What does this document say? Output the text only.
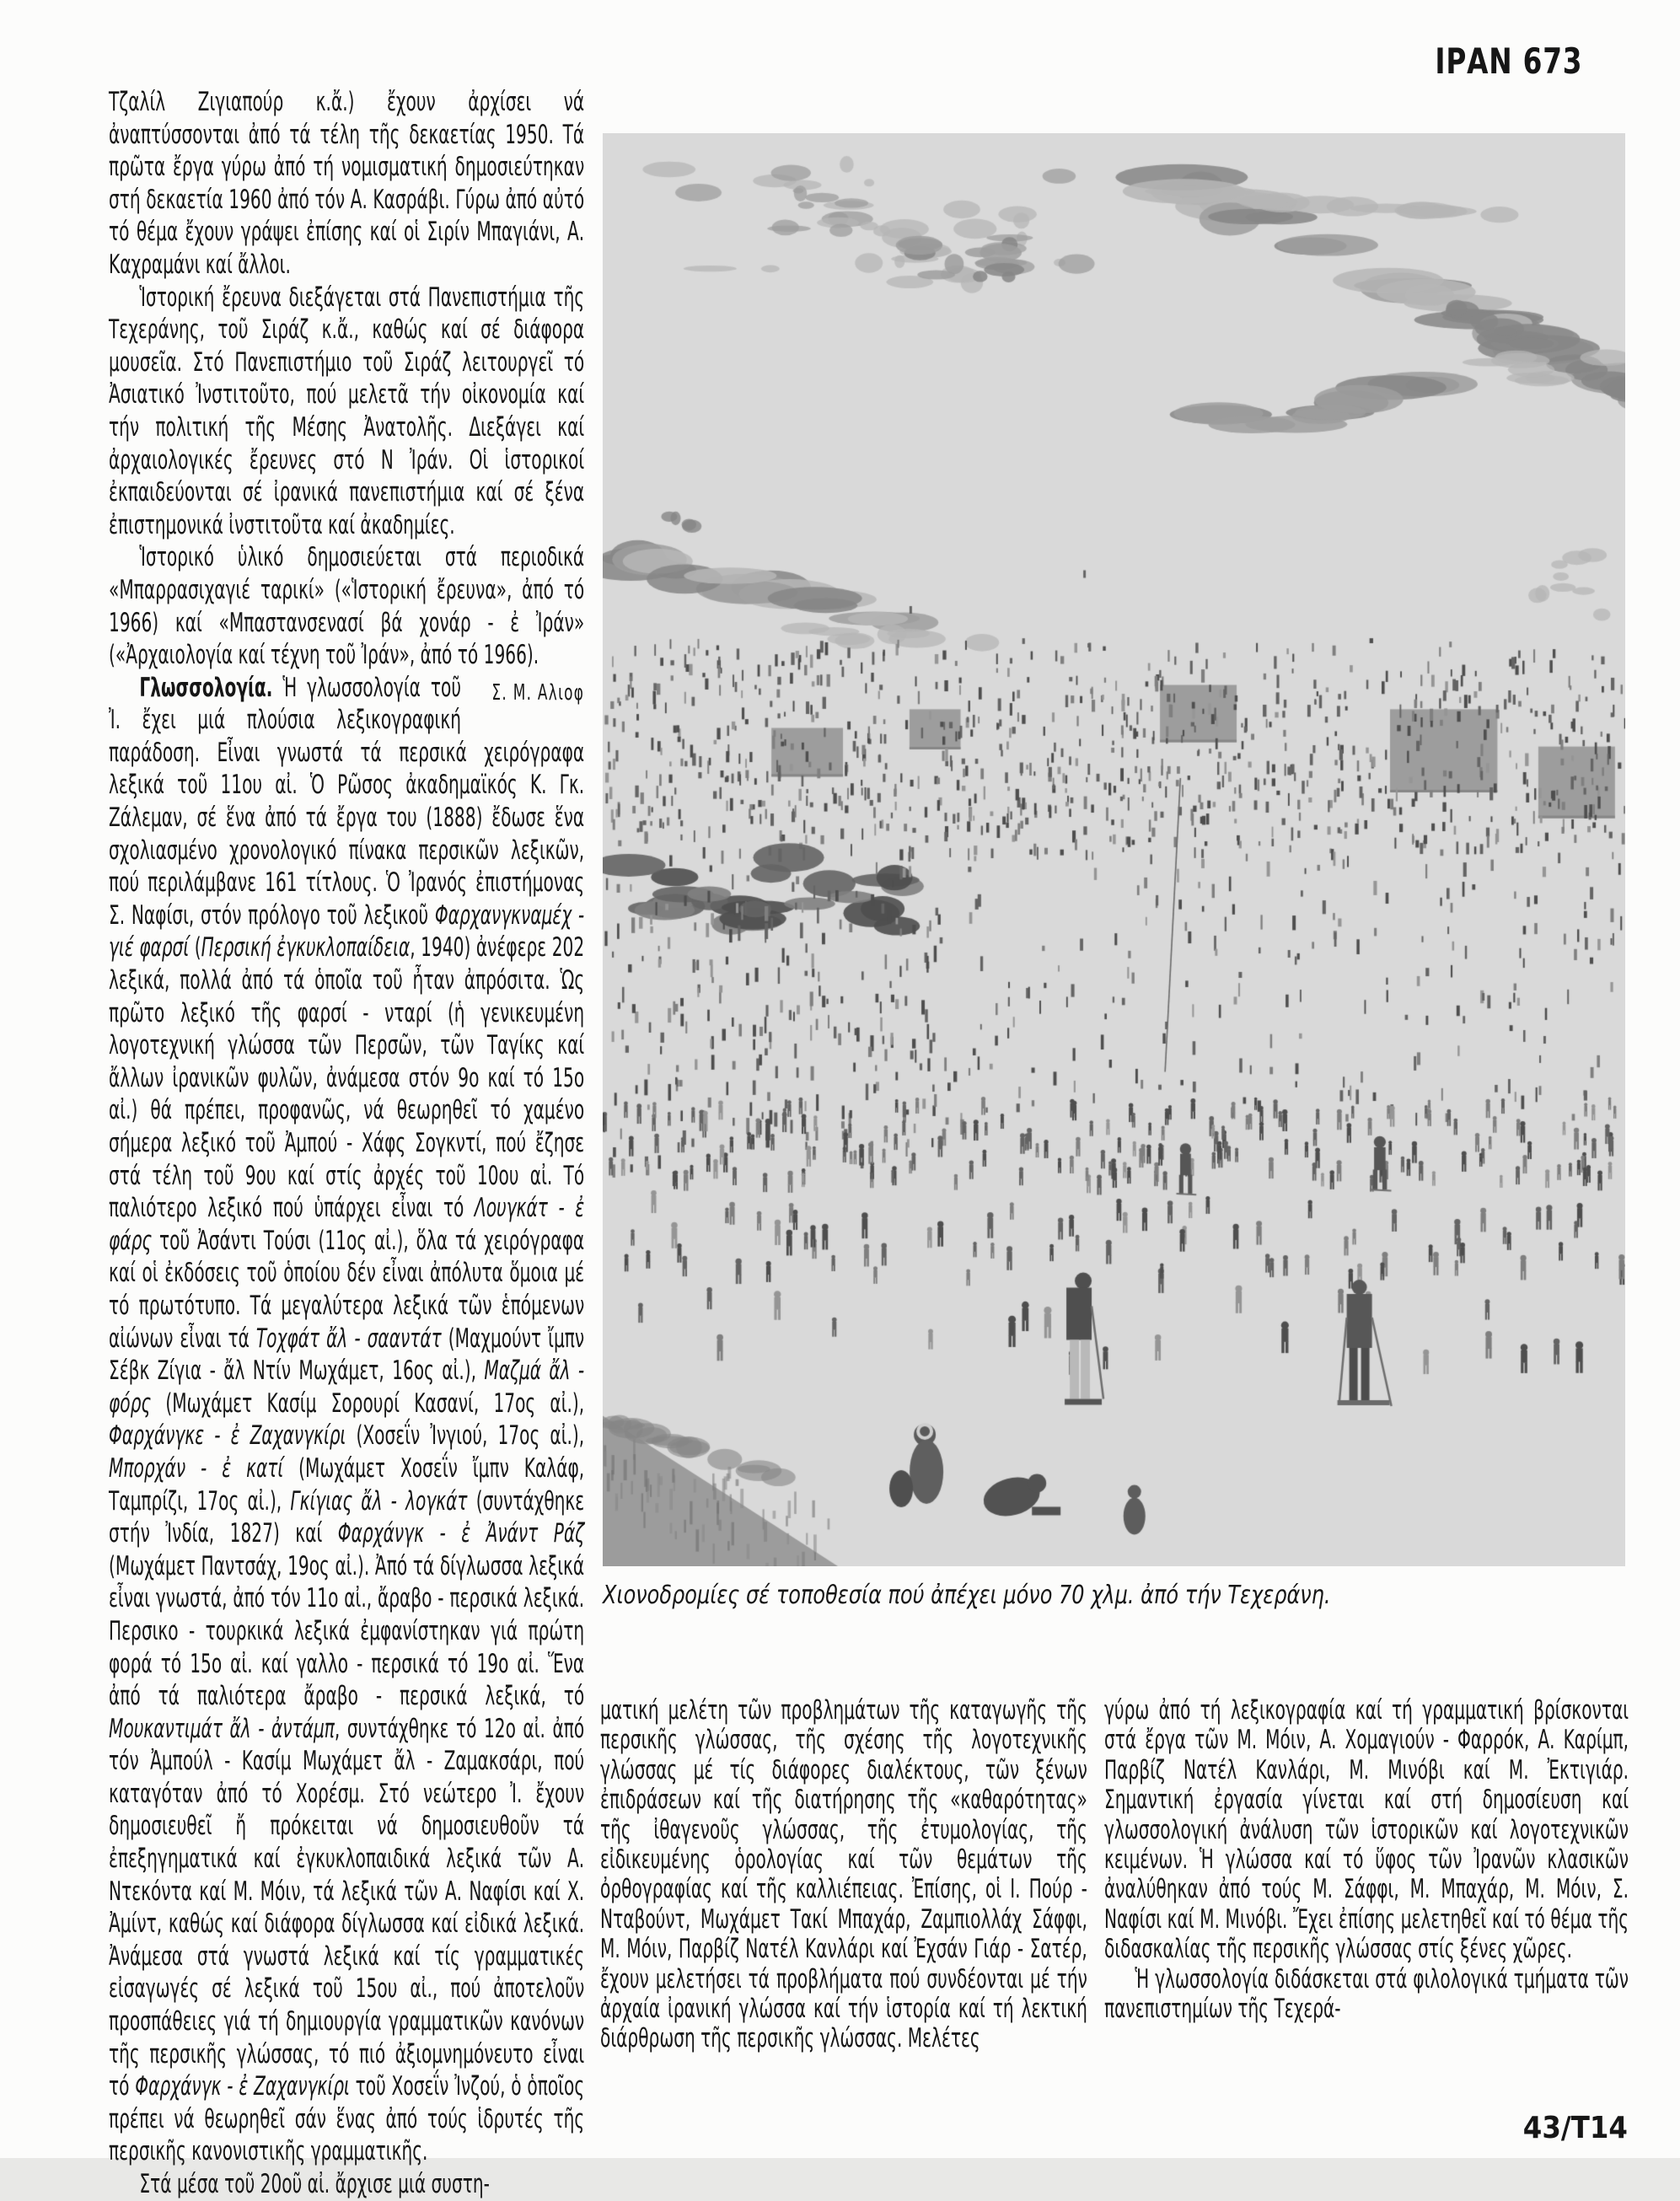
ΙΡΑΝ 673

Τζαλίλ Ζιγιαπούρ κ.ἄ.) ἔχουν ἀρχίσει νά ἀναπτύσσονται ἀπό τά τέλη τῆς δεκαετίας 1950. Τά πρῶτα ἔργα γύρω ἀπό τή νομισματική δημοσιεύτηκαν στή δεκαετία 1960 ἀπό τόν Α. Κασράβι. Γύρω ἀπό αὐτό τό θέμα ἔχουν γράψει ἐπίσης καί οἱ Σιρίν Μπαγιάνι, Α. Καχραμάνι καί ἄλλοι.

Ἱστορική ἔρευνα διεξάγεται στά Πανεπιστήμια τῆς Τεχεράνης, τοῦ Σιράζ κ.ἄ., καθώς καί σέ διάφορα μουσεῖα. Στό Πανεπιστήμιο τοῦ Σιράζ λειτουργεῖ τό Ἀσιατικό Ἰνστιτοῦτο, πού μελετᾶ τήν οἰκονομία καί τήν πολιτική τῆς Μέσης Ἀνατολῆς. Διεξάγει καί ἀρχαιολογικές ἔρευνες στό Ν Ἰράν. Οἱ ἱστορικοί ἐκπαιδεύονται σέ ἰρανικά πανεπιστήμια καί σέ ξένα ἐπιστημονικά ἰνστιτοῦτα καί ἀκαδημίες.

Ἱστορικό ὑλικό δημοσιεύεται στά περιοδικά «Μπαρρασιχαγιέ ταρικί» («Ἱστορική ἔρευνα», ἀπό τό 1966) καί «Μπαστανσενασί βά χονάρ - ἐ Ἰράν» («Ἀρχαιολογία καί τέχνη τοῦ Ἰράν», ἀπό τό 1966).
Σ. Μ. Αλιοφ

Γλωσσολογία. Ἡ γλωσσολογία τοῦ Ἰ. ἔχει μιά πλούσια λεξικογραφική παράδοση. Εἶναι γνωστά τά περσικά χειρόγραφα λεξικά τοῦ 11ου αἰ. Ὁ Ρῶσος ἀκαδημαϊκός Κ. Γκ. Ζάλεμαν, σέ ἕνα ἀπό τά ἔργα του (1888) ἔδωσε ἕνα σχολιασμένο χρονολογικό πίνακα περσικῶν λεξικῶν, πού περιλάμβανε 161 τίτλους. Ὁ Ἰρανός ἐπιστήμονας Σ. Ναφίσι, στόν πρόλογο τοῦ λεξικοῦ Φαρχανγκναμέχ - γιέ φαρσί (Περσική ἐγκυκλοπαίδεια, 1940) ἀνέφερε 202 λεξικά, πολλά ἀπό τά ὁποῖα τοῦ ἦταν ἀπρόσιτα. Ὡς πρῶτο λεξικό τῆς φαρσί - νταρί (ἡ γενικευμένη λογοτεχνική γλώσσα τῶν Περσῶν, τῶν Ταγίκς καί ἄλλων ἰρανικῶν φυλῶν, ἀνάμεσα στόν 9ο καί τό 15ο αἰ.) θά πρέπει, προφανῶς, νά θεωρηθεῖ τό χαμένο σήμερα λεξικό τοῦ Ἀμπού - Χάφς Σογκντί, πού ἔζησε στά τέλη τοῦ 9ου καί στίς ἀρχές τοῦ 10ου αἰ. Τό παλιότερο λεξικό πού ὑπάρχει εἶναι τό Λουγκάτ - ἐ φάρς τοῦ Ἀσάντι Τούσι (11ος αἰ.), ὅλα τά χειρόγραφα καί οἱ ἐκδόσεις τοῦ ὁποίου δέν εἶναι ἀπόλυτα ὅμοια μέ τό πρωτότυπο. Τά μεγαλύτερα λεξικά τῶν ἑπόμενων αἰώνων εἶναι τά Τοχφάτ ἄλ - σααντάτ (Μαχμούντ ἴμπν Σέβκ Ζίγια - ἄλ Ντίν Μωχάμετ, 16ος αἰ.), Μαζμά ἄλ - φόρς (Μωχάμετ Κασίμ Σορουρί Κασανί, 17ος αἰ.), Φαρχάνγκε - ἐ Ζαχανγκίρι (Χοσεΐν Ἰνγιού, 17ος αἰ.), Μπορχάν - ἐ κατί (Μωχάμετ Χοσεΐν ἴμπν Καλάφ, Ταμπρίζι, 17ος αἰ.), Γκίγιας ἄλ - λογκάτ (συντάχθηκε στήν Ἰνδία, 1827) καί Φαρχάνγκ - ἐ Ἀνάντ Ράζ (Μωχάμετ Παντσάχ, 19ος αἰ.). Ἀπό τά δίγλωσσα λεξικά εἶναι γνωστά, ἀπό τόν 11ο αἰ., ἄραβο - περσικά λεξικά. Περσικο - τουρκικά λεξικά ἐμφανίστηκαν γιά πρώτη φορά τό 15ο αἰ. καί γαλλο - περσικά τό 19ο αἰ. Ἕνα ἀπό τά παλιότερα ἄραβο - περσικά λεξικά, τό Μουκαντιμάτ ἄλ - ἀντάμπ, συντάχθηκε τό 12ο αἰ. ἀπό τόν Ἀμπούλ - Κασίμ Μωχάμετ ἄλ - Ζαμακσάρι, πού καταγόταν ἀπό τό Χορέσμ. Στό νεώτερο Ἰ. ἔχουν δημοσιευθεῖ ἤ πρόκειται νά δημοσιευθοῦν τά ἐπεξηγηματικά καί ἐγκυκλοπαιδικά λεξικά τῶν Α. Ντεκόντα καί Μ. Μόιν, τά λεξικά τῶν Α. Ναφίσι καί Χ. Ἀμίντ, καθώς καί διάφορα δίγλωσσα καί εἰδικά λεξικά. Ἀνάμεσα στά γνωστά λεξικά καί τίς γραμματικές εἰσαγωγές σέ λεξικά τοῦ 15ου αἰ., πού ἀποτελοῦν προσπάθειες γιά τή δημιουργία γραμματικῶν κανόνων τῆς περσικῆς γλώσσας, τό πιό ἀξιομνημόνευτο εἶναι τό Φαρχάνγκ - ἐ Ζαχανγκίρι τοῦ Χοσεΐν Ἰνζού, ὁ ὁποῖος πρέπει νά θεωρηθεῖ σάν ἕνας ἀπό τούς ἱδρυτές τῆς περσικῆς κανονιστικῆς γραμματικῆς.

Στά μέσα τοῦ 20οῦ αἰ. ἄρχισε μιά συστη-

Χιονοδρομίες σέ τοποθεσία πού ἀπέχει μόνο 70 χλμ. ἀπό τήν Τεχεράνη.

ματική μελέτη τῶν προβλημάτων τῆς καταγωγῆς τῆς περσικῆς γλώσσας, τῆς σχέσης τῆς λογοτεχνικῆς γλώσσας μέ τίς διάφορες διαλέκτους, τῶν ξένων ἐπιδράσεων καί τῆς διατήρησης τῆς «καθαρότητας» τῆς ἰθαγενοῦς γλώσσας, τῆς ἐτυμολογίας, τῆς εἰδικευμένης ὁρολογίας καί τῶν θεμάτων τῆς ὀρθογραφίας καί τῆς καλλιέπειας. Ἐπίσης, οἱ Ι. Πούρ - Νταβούντ, Μωχάμετ Τακί Μπαχάρ, Ζαμπιολλάχ Σάφφι, Μ. Μόιν, Παρβίζ Νατέλ Κανλάρι καί Ἐχσάν Γιάρ - Σατέρ, ἔχουν μελετήσει τά προβλήματα πού συνδέονται μέ τήν ἀρχαία ἰρανική γλώσσα καί τήν ἱστορία καί τή λεκτική διάρθρωση τῆς περσικῆς γλώσσας. Μελέτες

γύρω ἀπό τή λεξικογραφία καί τή γραμματική βρίσκονται στά ἔργα τῶν Μ. Μόιν, Α. Χομαγιούν - Φαρρόκ, Α. Καρίμπ, Παρβίζ Νατέλ Κανλάρι, Μ. Μινόβι καί Μ. Ἐκτιγιάρ. Σημαντική ἐργασία γίνεται καί στή δημοσίευση καί γλωσσολογική ἀνάλυση τῶν ἱστορικῶν καί λογοτεχνικῶν κειμένων. Ἡ γλώσσα καί τό ὕφος τῶν Ἰρανῶν κλασικῶν ἀναλύθηκαν ἀπό τούς Μ. Σάφφι, Μ. Μπαχάρ, Μ. Μόιν, Σ. Ναφίσι καί Μ. Μινόβι. Ἔχει ἐπίσης μελετηθεῖ καί τό θέμα τῆς διδασκαλίας τῆς περσικῆς γλώσσας στίς ξένες χῶρες.

Ἡ γλωσσολογία διδάσκεται στά φιλολογικά τμήματα τῶν πανεπιστημίων τῆς Τεχερά-

43/Τ14
